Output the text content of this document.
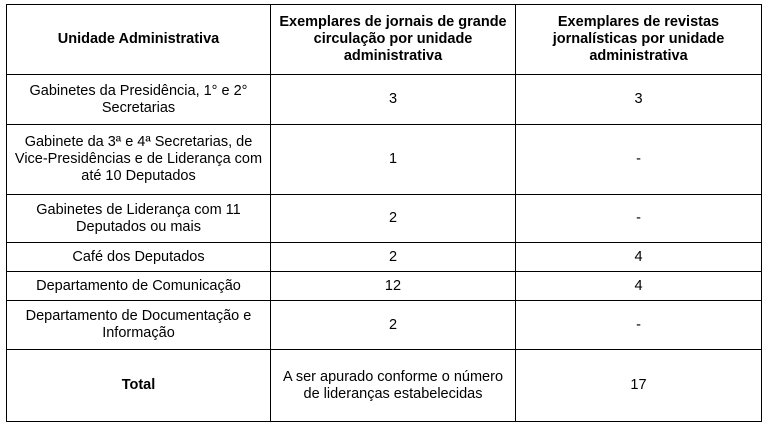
Unidade Administrativa	Exemplares de jornais de grande circulação por unidade administrativa	Exemplares de revistas jornalísticas por unidade administrativa
Gabinetes da Presidência, 1° e 2° Secretarias	3	3
Gabinete da 3ª e 4ª Secretarias, de Vice-Presidências e de Liderança com até 10 Deputados	1	-
Gabinetes de Liderança com 11 Deputados ou mais	2	-
Café dos Deputados	2	4
Departamento de Comunicação	12	4
Departamento de Documentação e Informação	2	-
Total	A ser apurado conforme o número de lideranças estabelecidas	17
